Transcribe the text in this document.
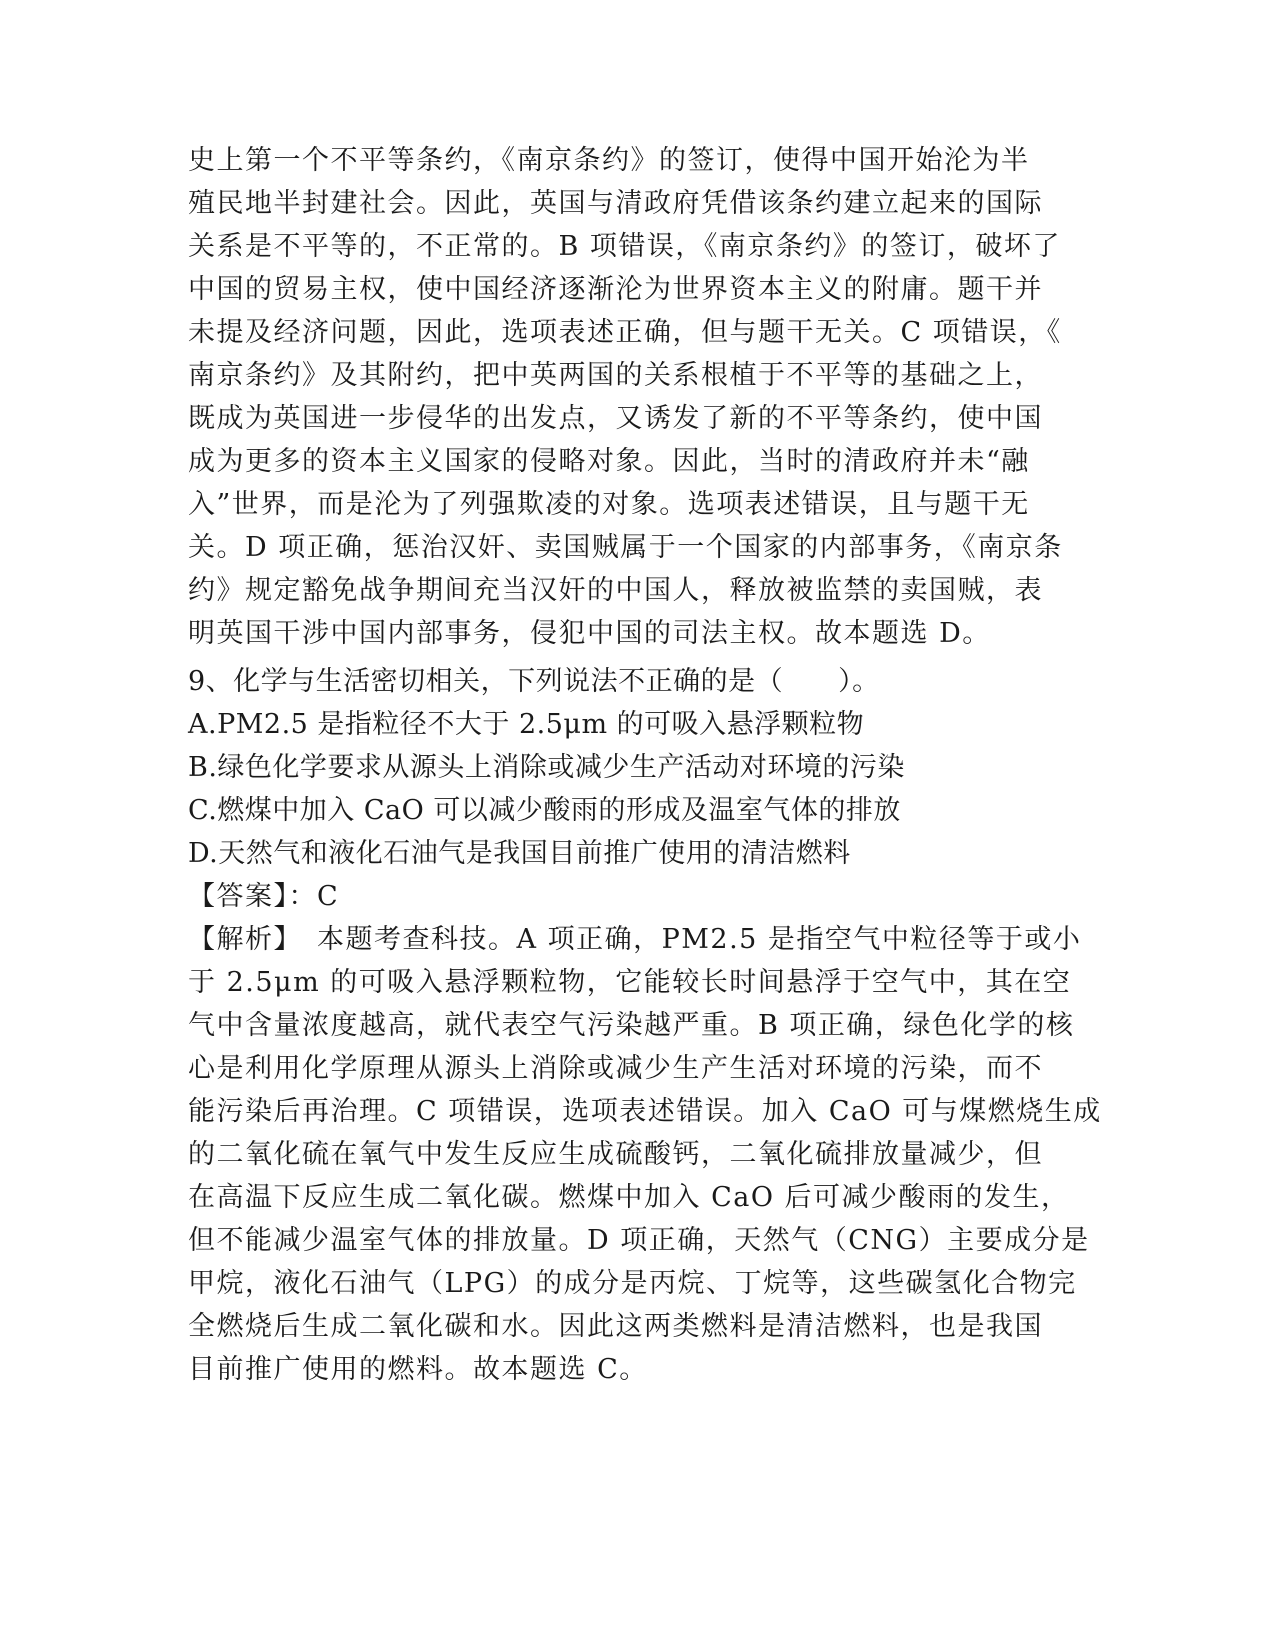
史上第一个不平等条约，《南京条约》的签订，使得中国开始沦为半
殖民地半封建社会。因此，英国与清政府凭借该条约建立起来的国际
关系是不平等的，不正常的。B 项错误，《南京条约》的签订，破坏了
中国的贸易主权，使中国经济逐渐沦为世界资本主义的附庸。题干并
未提及经济问题，因此，选项表述正确，但与题干无关。C 项错误，《
南京条约》及其附约，把中英两国的关系根植于不平等的基础之上，
既成为英国进一步侵华的出发点，又诱发了新的不平等条约，使中国
成为更多的资本主义国家的侵略对象。因此，当时的清政府并未“融
入”世界，而是沦为了列强欺凌的对象。选项表述错误，且与题干无
关。D 项正确，惩治汉奸、卖国贼属于一个国家的内部事务，《南京条
约》规定豁免战争期间充当汉奸的中国人，释放被监禁的卖国贼，表
明英国干涉中国内部事务，侵犯中国的司法主权。故本题选 D。
9、化学与生活密切相关，下列说法不正确的是（　　）。
A.PM2.5 是指粒径不大于 2.5μm 的可吸入悬浮颗粒物
B.绿色化学要求从源头上消除或减少生产活动对环境的污染
C.燃煤中加入 CaO 可以减少酸雨的形成及温室气体的排放
D.天然气和液化石油气是我国目前推广使用的清洁燃料
【答案】：C
【解析】　本题考查科技。A 项正确，PM2.5 是指空气中粒径等于或小
于 2.5μm 的可吸入悬浮颗粒物，它能较长时间悬浮于空气中，其在空
气中含量浓度越高，就代表空气污染越严重。B 项正确，绿色化学的核
心是利用化学原理从源头上消除或减少生产生活对环境的污染，而不
能污染后再治理。C 项错误，选项表述错误。加入 CaO 可与煤燃烧生成
的二氧化硫在氧气中发生反应生成硫酸钙，二氧化硫排放量减少，但
在高温下反应生成二氧化碳。燃煤中加入 CaO 后可减少酸雨的发生，
但不能减少温室气体的排放量。D 项正确，天然气（CNG）主要成分是
甲烷，液化石油气（LPG）的成分是丙烷、丁烷等，这些碳氢化合物完
全燃烧后生成二氧化碳和水。因此这两类燃料是清洁燃料，也是我国
目前推广使用的燃料。故本题选 C。
